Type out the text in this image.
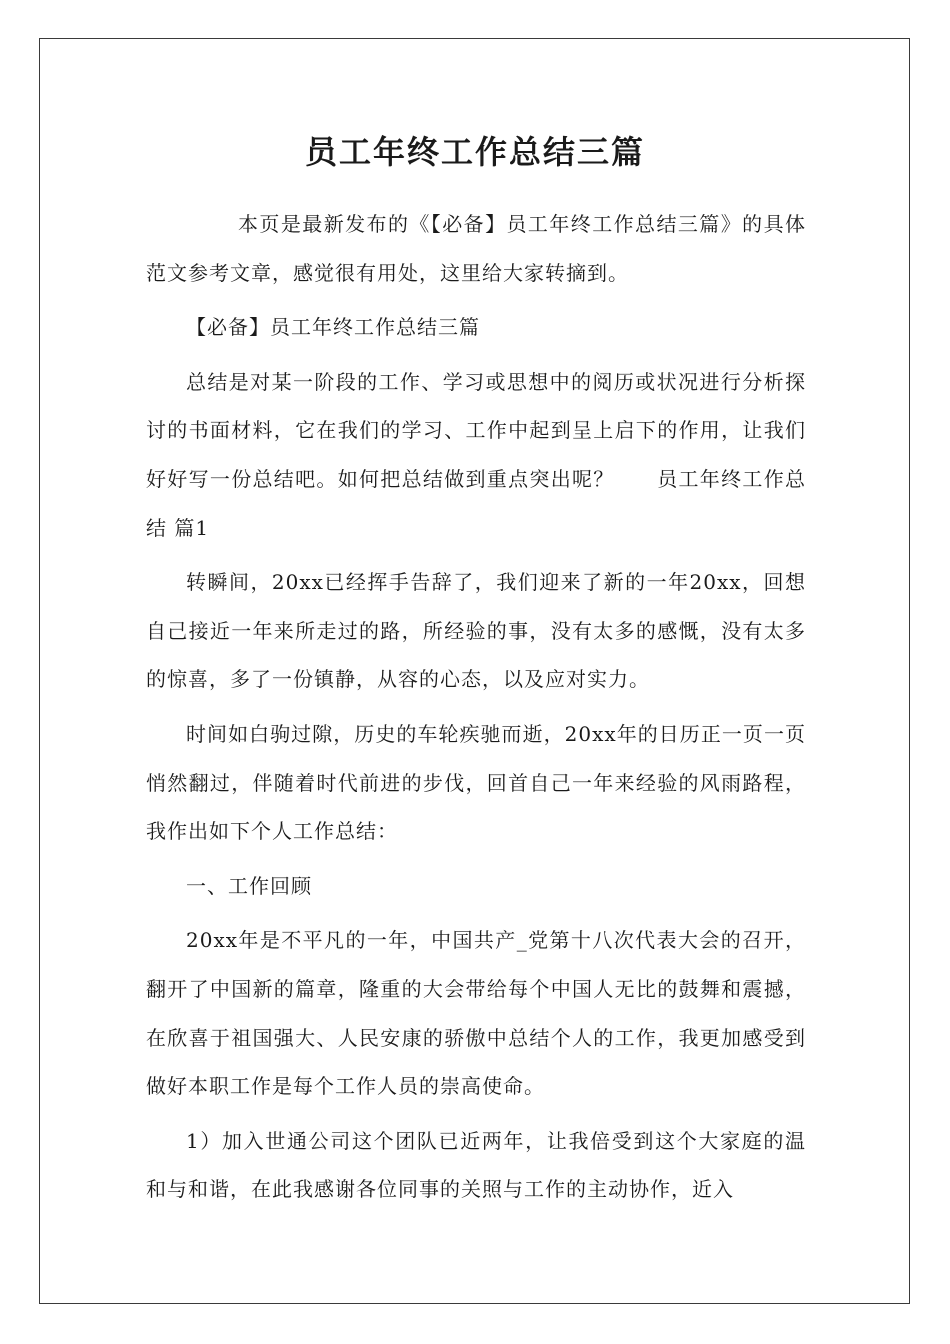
员工年终工作总结三篇

本页是最新发布的《【必备】员工年终工作总结三篇》的具体范文参考文章，感觉很有用处，这里给大家转摘到。

【必备】员工年终工作总结三篇

总结是对某一阶段的工作、学习或思想中的阅历或状况进行分析探讨的书面材料，它在我们的学习、工作中起到呈上启下的作用，让我们好好写一份总结吧。如何把总结做到重点突出呢？　　员工年终工作总结 篇1

转瞬间，20xx已经挥手告辞了，我们迎来了新的一年20xx，回想自己接近一年来所走过的路，所经验的事，没有太多的感慨，没有太多的惊喜，多了一份镇静，从容的心态，以及应对实力。

时间如白驹过隙，历史的车轮疾驰而逝，20xx年的日历正一页一页悄然翻过，伴随着时代前进的步伐，回首自己一年来经验的风雨路程，我作出如下个人工作总结：

一、工作回顾

20xx年是不平凡的一年，中国共产_党第十八次代表大会的召开，翻开了中国新的篇章，隆重的大会带给每个中国人无比的鼓舞和震撼，在欣喜于祖国强大、人民安康的骄傲中总结个人的工作，我更加感受到做好本职工作是每个工作人员的崇高使命。

1）加入世通公司这个团队已近两年，让我倍受到这个大家庭的温和与和谐，在此我感谢各位同事的关照与工作的主动协作，近入
